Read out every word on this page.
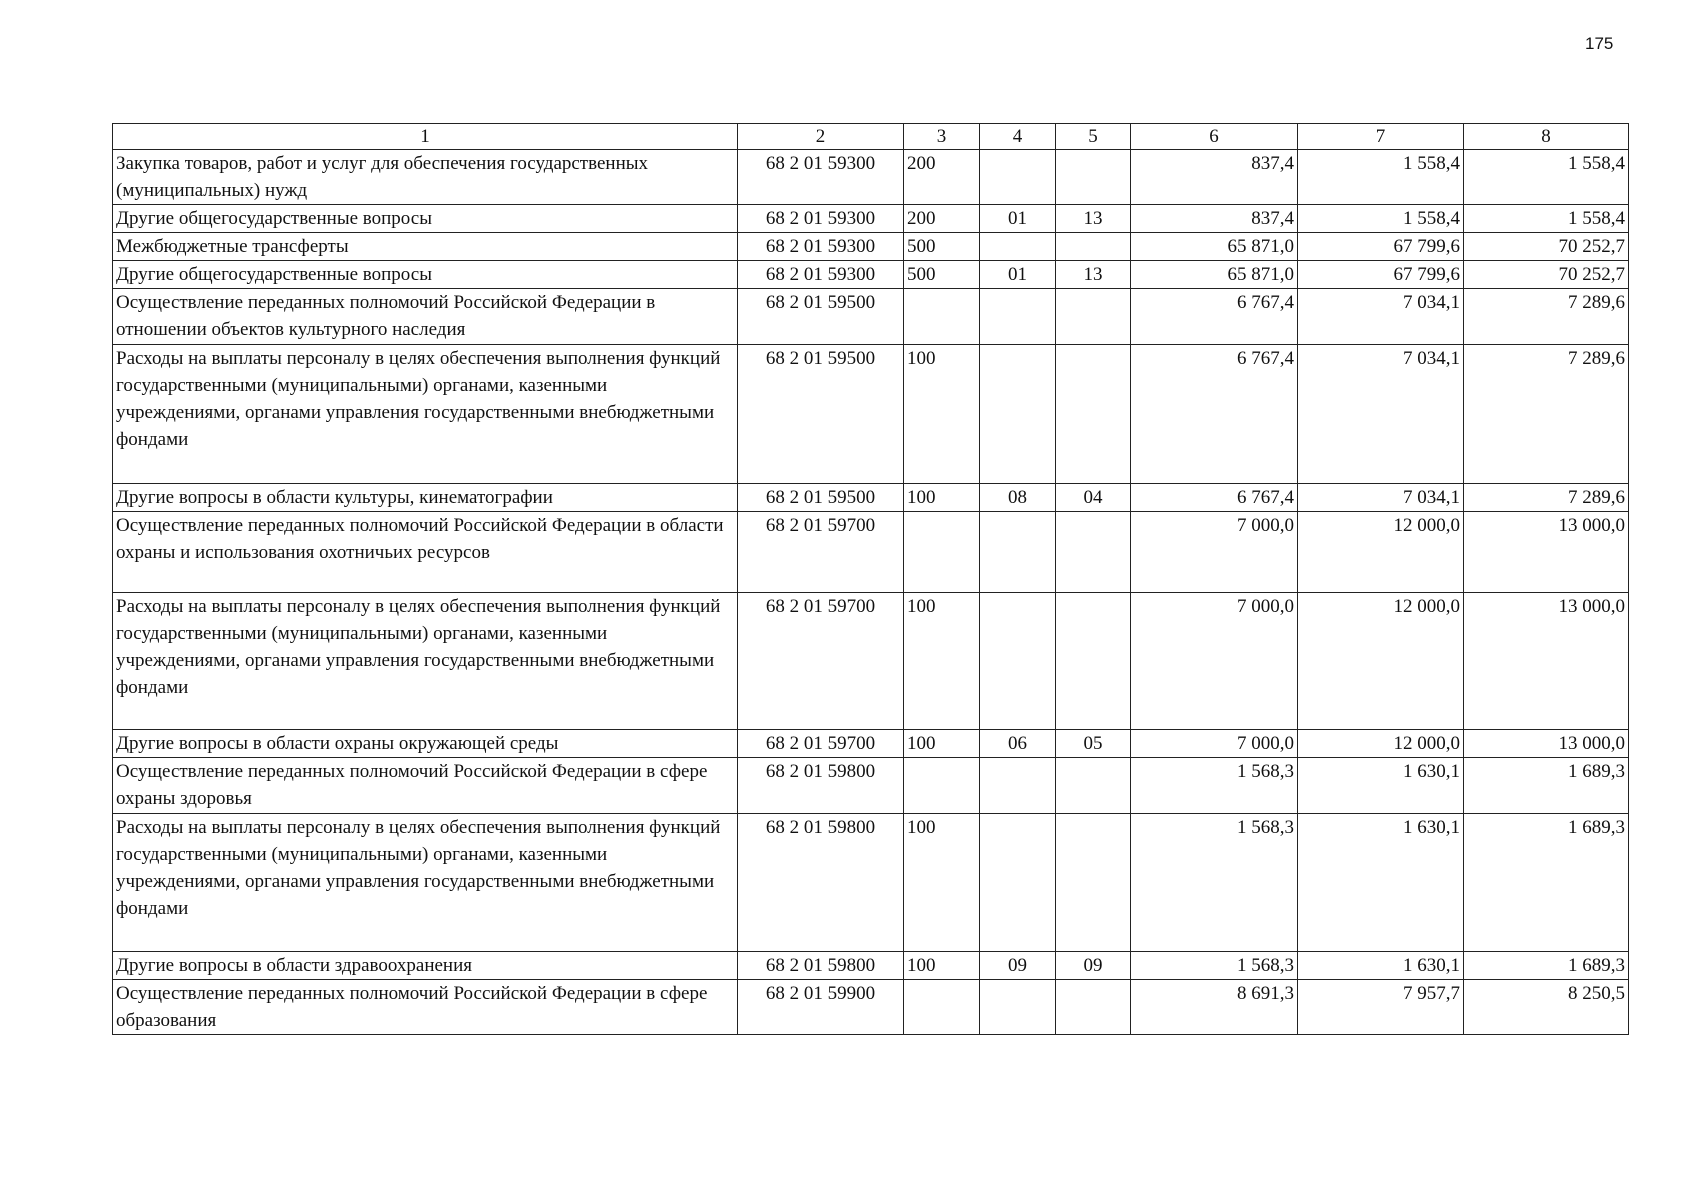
175
1	2	3	4	5	6	7	8
Закупка товаров, работ и услуг для обеспечения государственных (муниципальных) нужд	68 2 01 59300	200			837,4	1 558,4	1 558,4
Другие общегосударственные вопросы	68 2 01 59300	200	01	13	837,4	1 558,4	1 558,4
Межбюджетные трансферты	68 2 01 59300	500			65 871,0	67 799,6	70 252,7
Другие общегосударственные вопросы	68 2 01 59300	500	01	13	65 871,0	67 799,6	70 252,7
Осуществление переданных полномочий Российской Федерации в отношении объектов культурного наследия	68 2 01 59500				6 767,4	7 034,1	7 289,6
Расходы на выплаты персоналу в целях обеспечения выполнения функций государственными (муниципальными) органами, казенными учреждениями, органами управления государственными внебюджетными фондами	68 2 01 59500	100			6 767,4	7 034,1	7 289,6
Другие вопросы в области культуры, кинематографии	68 2 01 59500	100	08	04	6 767,4	7 034,1	7 289,6
Осуществление переданных полномочий Российской Федерации в области охраны и использования охотничьих ресурсов	68 2 01 59700				7 000,0	12 000,0	13 000,0
Расходы на выплаты персоналу в целях обеспечения выполнения функций государственными (муниципальными) органами, казенными учреждениями, органами управления государственными внебюджетными фондами	68 2 01 59700	100			7 000,0	12 000,0	13 000,0
Другие вопросы в области охраны окружающей среды	68 2 01 59700	100	06	05	7 000,0	12 000,0	13 000,0
Осуществление переданных полномочий Российской Федерации в сфере охраны здоровья	68 2 01 59800				1 568,3	1 630,1	1 689,3
Расходы на выплаты персоналу в целях обеспечения выполнения функций государственными (муниципальными) органами, казенными учреждениями, органами управления государственными внебюджетными фондами	68 2 01 59800	100			1 568,3	1 630,1	1 689,3
Другие вопросы в области здравоохранения	68 2 01 59800	100	09	09	1 568,3	1 630,1	1 689,3
Осуществление переданных полномочий Российской Федерации в сфере образования	68 2 01 59900				8 691,3	7 957,7	8 250,5
